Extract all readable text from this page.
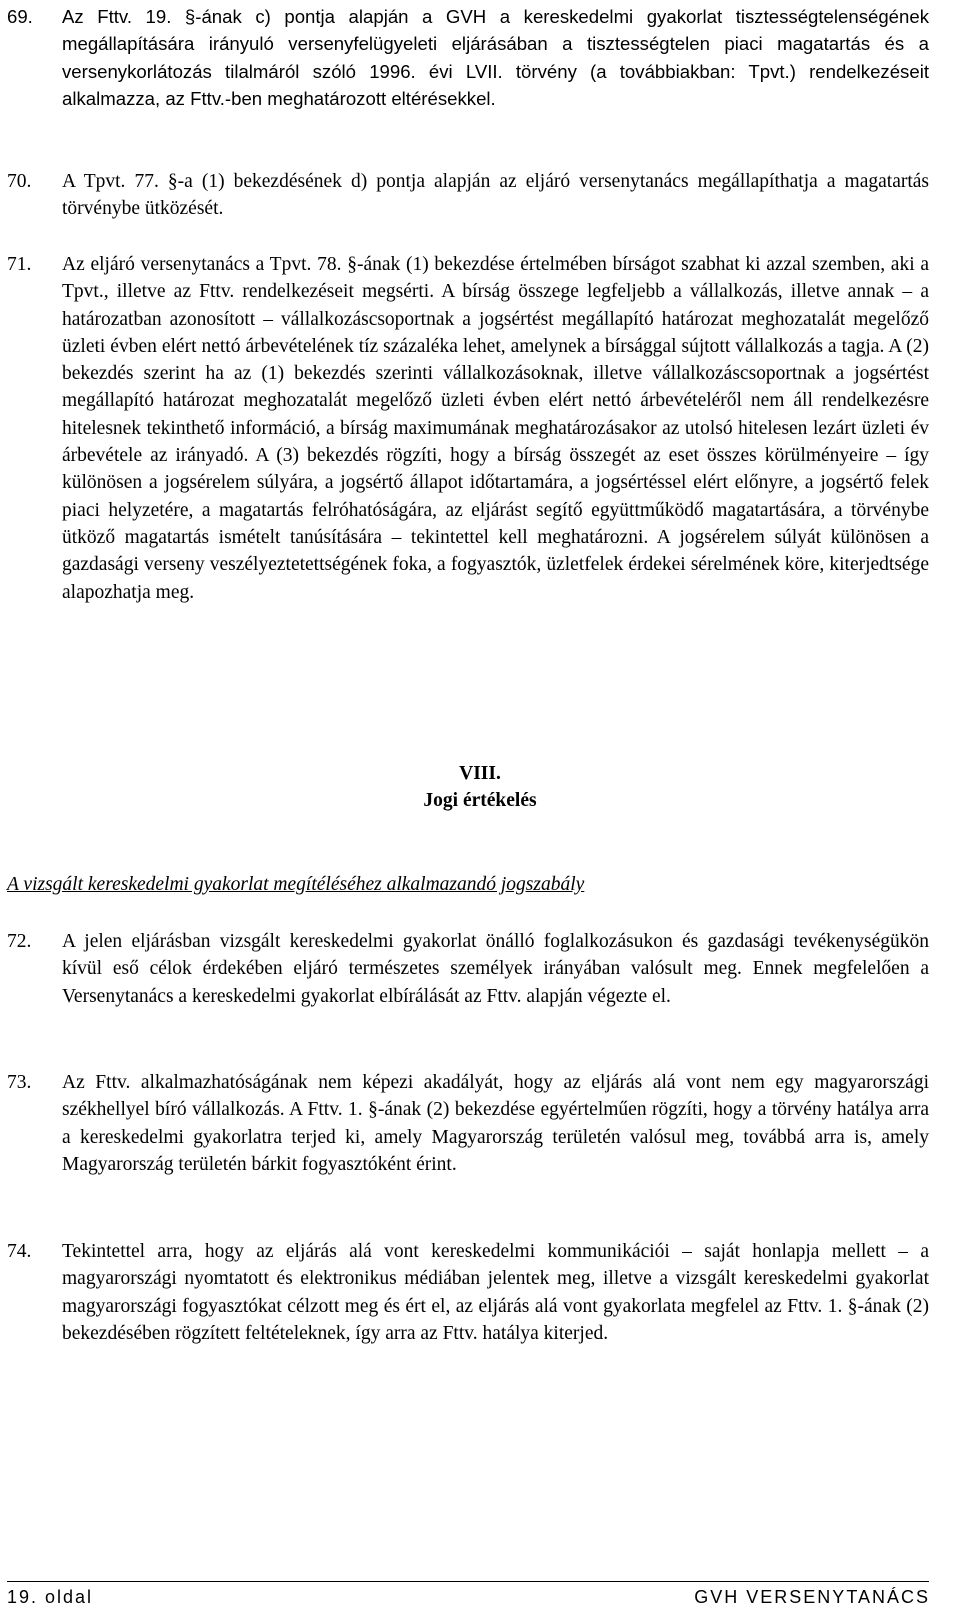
69. Az Fttv. 19. §-ának c) pontja alapján a GVH a kereskedelmi gyakorlat tisztességtelenségének megállapítására irányuló versenyfelügyeleti eljárásában a tisztességtelen piaci magatartás és a versenykorlátozás tilalmáról szóló 1996. évi LVII. törvény (a továbbiakban: Tpvt.) rendelkezéseit alkalmazza, az Fttv.-ben meghatározott eltérésekkel.
70. A Tpvt. 77. §-a (1) bekezdésének d) pontja alapján az eljáró versenytanács megállapíthatja a magatartás törvénybe ütközését.
71. Az eljáró versenytanács a Tpvt. 78. §-ának (1) bekezdése értelmében bírságot szabhat ki azzal szemben, aki a Tpvt., illetve az Fttv. rendelkezéseit megsérti. A bírság összege legfeljebb a vállalkozás, illetve annak – a határozatban azonosított – vállalkozáscsoportnak a jogsértést megállapító határozat meghozatalát megelőző üzleti évben elért nettó árbevételének tíz százaléka lehet, amelynek a bírsággal sújtott vállalkozás a tagja. A (2) bekezdés szerint ha az (1) bekezdés szerinti vállalkozásoknak, illetve vállalkozáscsoportnak a jogsértést megállapító határozat meghozatalát megelőző üzleti évben elért nettó árbevételéről nem áll rendelkezésre hitelesnek tekinthető információ, a bírság maximumának meghatározásakor az utolsó hitelesen lezárt üzleti év árbevétele az irányadó. A (3) bekezdés rögzíti, hogy a bírság összegét az eset összes körülményeire – így különösen a jogsérelem súlyára, a jogsértő állapot időtartamára, a jogsértéssel elért előnyre, a jogsértő felek piaci helyzetére, a magatartás felróhatóságára, az eljárást segítő együttműködő magatartására, a törvénybe ütköző magatartás ismételt tanúsítására – tekintettel kell meghatározni. A jogsérelem súlyát különösen a gazdasági verseny veszélyeztetettségének foka, a fogyasztók, üzletfelek érdekei sérelmének köre, kiterjedtsége alapozhatja meg.
VIII.
Jogi értékelés
A vizsgált kereskedelmi gyakorlat megítéléséhez alkalmazandó jogszabály
72. A jelen eljárásban vizsgált kereskedelmi gyakorlat önálló foglalkozásukon és gazdasági tevékenységükön kívül eső célok érdekében eljáró természetes személyek irányában valósult meg. Ennek megfelelően a Versenytanács a kereskedelmi gyakorlat elbírálását az Fttv. alapján végezte el.
73. Az Fttv. alkalmazhatóságának nem képezi akadályát, hogy az eljárás alá vont nem egy magyarországi székhellyel bíró vállalkozás. A Fttv. 1. §-ának (2) bekezdése egyértelműen rögzíti, hogy a törvény hatálya arra a kereskedelmi gyakorlatra terjed ki, amely Magyarország területén valósul meg, továbbá arra is, amely Magyarország területén bárkit fogyasztóként érint.
74. Tekintettel arra, hogy az eljárás alá vont kereskedelmi kommunikációi – saját honlapja mellett – a magyarországi nyomtatott és elektronikus médiában jelentek meg, illetve a vizsgált kereskedelmi gyakorlat magyarországi fogyasztókat célzott meg és ért el, az eljárás alá vont gyakorlata megfelel az Fttv. 1. §-ának (2) bekezdésében rögzített feltételeknek, így arra az Fttv. hatálya kiterjed.
19. oldal	GVH VERSENYTANÁCS
